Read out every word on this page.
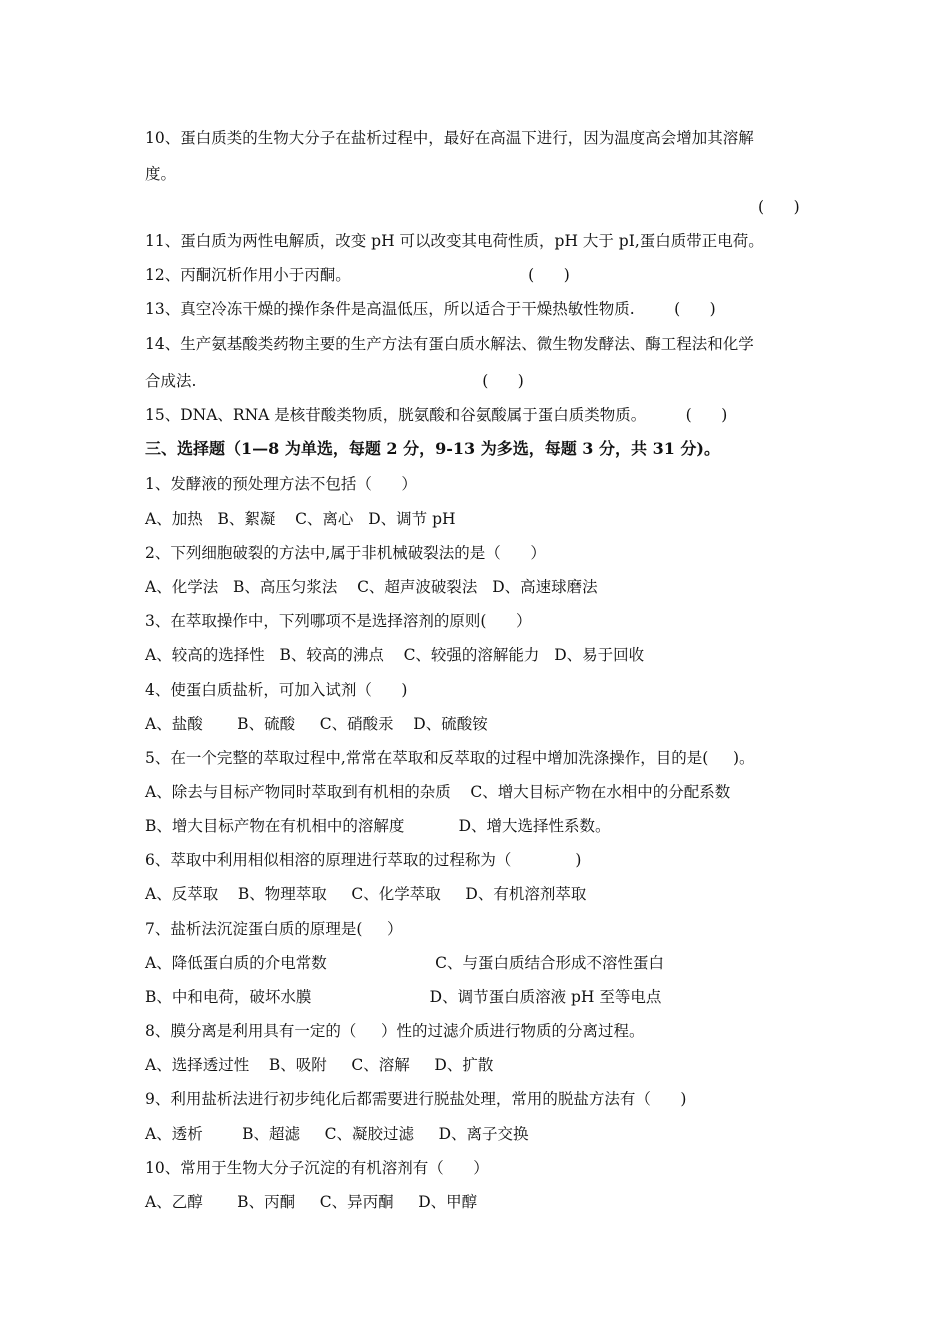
10、蛋白质类的生物大分子在盐析过程中，最好在高温下进行，因为温度高会增加其溶解
度。
(      )
11、蛋白质为两性电解质，改变 pH 可以改变其电荷性质，pH 大于 pI,蛋白质带正电荷。
12、丙酮沉析作用小于丙酮。                                    (      )
13、真空冷冻干燥的操作条件是高温低压，所以适合于干燥热敏性物质.        (      )
14、生产氨基酸类药物主要的生产方法有蛋白质水解法、微生物发酵法、酶工程法和化学
合成法.                                                          (      )
15、DNA、RNA 是核苷酸类物质，胱氨酸和谷氨酸属于蛋白质类物质。        (      )
三、选择题（1—8 为单选，每题 2 分，9-13 为多选，每题 3 分，共 31 分)。
1、发酵液的预处理方法不包括（      ）
A、加热   B、絮凝    C、离心   D、调节 pH
2、下列细胞破裂的方法中,属于非机械破裂法的是（      ）
A、化学法   B、高压匀浆法    C、超声波破裂法   D、高速球磨法
3、在萃取操作中，下列哪项不是选择溶剂的原则(      ）
A、较高的选择性   B、较高的沸点    C、较强的溶解能力   D、易于回收
4、使蛋白质盐析，可加入试剂（      )
A、盐酸       B、硫酸     C、硝酸汞    D、硫酸铵
5、在一个完整的萃取过程中,常常在萃取和反萃取的过程中增加洗涤操作，目的是(     )。
A、除去与目标产物同时萃取到有机相的杂质    C、增大目标产物在水相中的分配系数
B、增大目标产物在有机相中的溶解度           D、增大选择性系数。
6、萃取中利用相似相溶的原理进行萃取的过程称为（             )
A、反萃取    B、物理萃取     C、化学萃取     D、有机溶剂萃取
7、盐析法沉淀蛋白质的原理是(     ）
A、降低蛋白质的介电常数                      C、与蛋白质结合形成不溶性蛋白
B、中和电荷，破坏水膜                        D、调节蛋白质溶液 pH 至等电点
8、膜分离是利用具有一定的（     ）性的过滤介质进行物质的分离过程。
A、选择透过性    B、吸附     C、溶解     D、扩散
9、利用盐析法进行初步纯化后都需要进行脱盐处理，常用的脱盐方法有（      )
A、透析        B、超滤     C、凝胶过滤     D、离子交换
10、常用于生物大分子沉淀的有机溶剂有（      ）
A、乙醇       B、丙酮     C、异丙酮     D、甲醇
